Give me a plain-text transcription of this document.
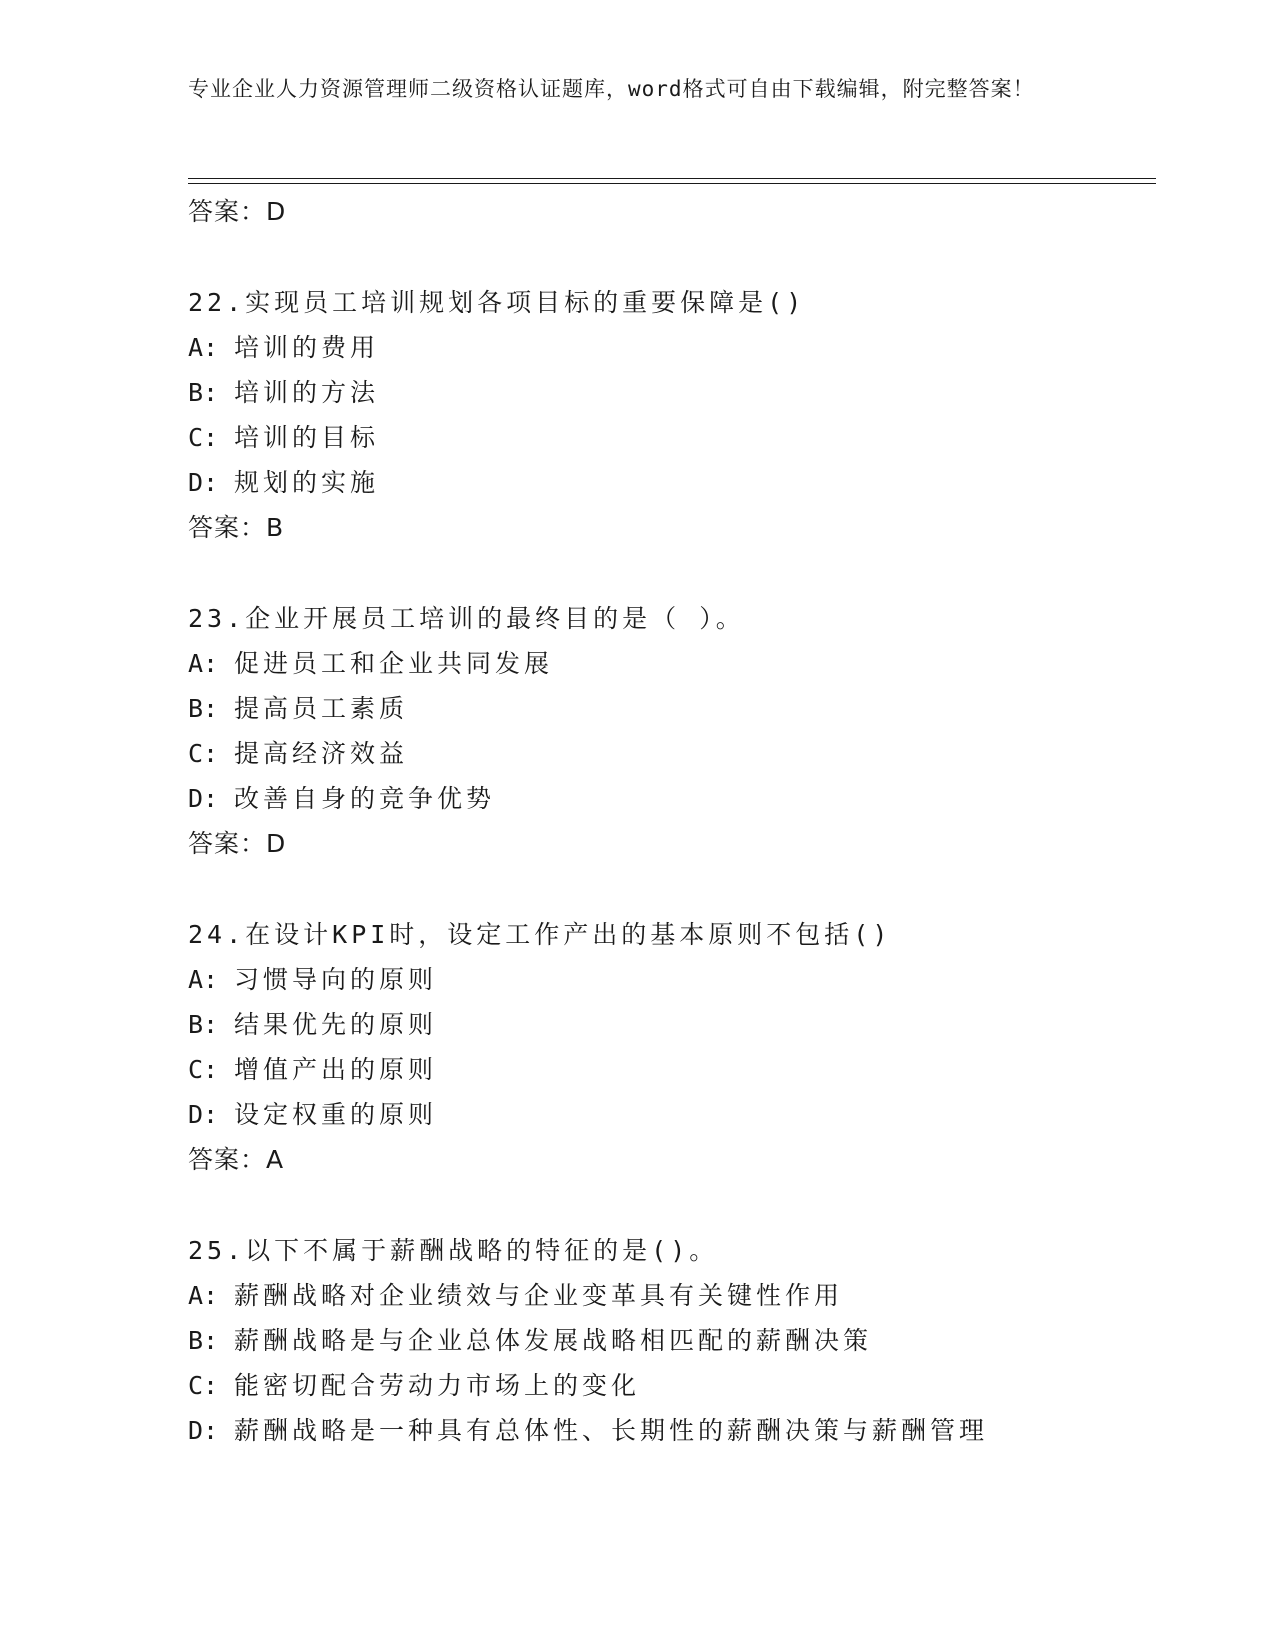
专业企业人力资源管理师二级资格认证题库，word格式可自由下载编辑，附完整答案！
答案：D
22.实现员工培训规划各项目标的重要保障是()
A: 培训的费用
B: 培训的方法
C: 培训的目标
D: 规划的实施
答案：B
23.企业开展员工培训的最终目的是（ ）。
A: 促进员工和企业共同发展
B: 提高员工素质
C: 提高经济效益
D: 改善自身的竞争优势
答案：D
24.在设计KPI时，设定工作产出的基本原则不包括()
A: 习惯导向的原则
B: 结果优先的原则
C: 增值产出的原则
D: 设定权重的原则
答案：A
25.以下不属于薪酬战略的特征的是()。
A: 薪酬战略对企业绩效与企业变革具有关键性作用
B: 薪酬战略是与企业总体发展战略相匹配的薪酬决策
C: 能密切配合劳动力市场上的变化
D: 薪酬战略是一种具有总体性、长期性的薪酬决策与薪酬管理
